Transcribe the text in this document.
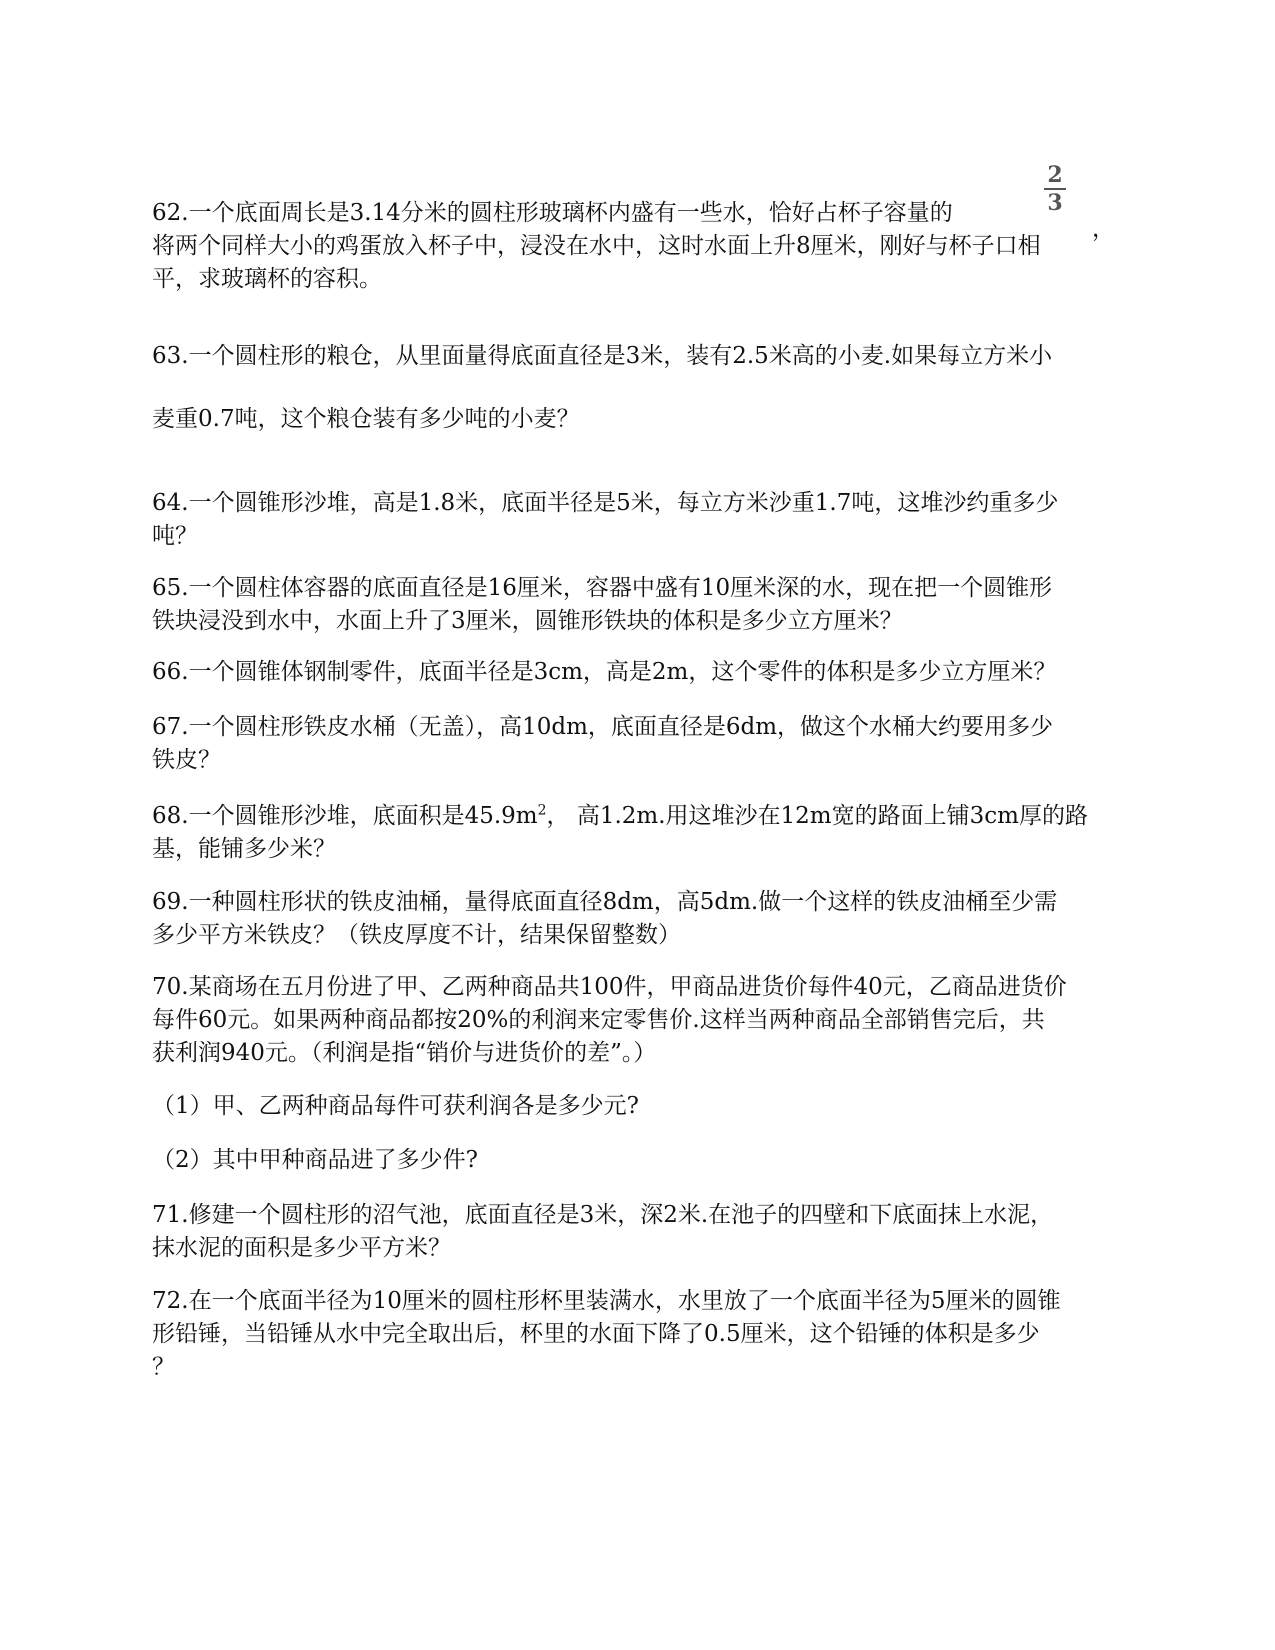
2
3
62.一个底面周长是3.14分米的圆柱形玻璃杯内盛有一些水，恰好占杯子容量的
将两个同样大小的鸡蛋放入杯子中，浸没在水中，这时水面上升8厘米，刚好与杯子口相
平，求玻璃杯的容积。
，
63.一个圆柱形的粮仓，从里面量得底面直径是3米，装有2.5米高的小麦.如果每立方米小
麦重0.7吨，这个粮仓装有多少吨的小麦？
64.一个圆锥形沙堆，高是1.8米，底面半径是5米，每立方米沙重1.7吨，这堆沙约重多少
吨？
65.一个圆柱体容器的底面直径是16厘米，容器中盛有10厘米深的水，现在把一个圆锥形
铁块浸没到水中，水面上升了3厘米，圆锥形铁块的体积是多少立方厘米？
66.一个圆锥体钢制零件，底面半径是3cm，高是2m，这个零件的体积是多少立方厘米？
67.一个圆柱形铁皮水桶（无盖），高10dm，底面直径是6dm，做这个水桶大约要用多少
铁皮？
68.一个圆锥形沙堆，底面积是$45.9m^2$， 高1.2m.用这堆沙在12m宽的路面上铺3cm厚的路
基，能铺多少米？
69.一种圆柱形状的铁皮油桶，量得底面直径8dm，高5dm.做一个这样的铁皮油桶至少需
多少平方米铁皮？（铁皮厚度不计，结果保留整数）
70.某商场在五月份进了甲、乙两种商品共100件，甲商品进货价每件40元，乙商品进货价
每件60元。如果两种商品都按20%的利润来定零售价.这样当两种商品全部销售完后，共
获利润940元。（利润是指“销价与进货价的差”。）
（1）甲、乙两种商品每件可获利润各是多少元?
（2）其中甲种商品进了多少件?
71.修建一个圆柱形的沼气池，底面直径是3米，深2米.在池子的四壁和下底面抹上水泥，
抹水泥的面积是多少平方米？
72.在一个底面半径为10厘米的圆柱形杯里装满水，水里放了一个底面半径为5厘米的圆锥
形铅锤，当铅锤从水中完全取出后，杯里的水面下降了0.5厘米，这个铅锤的体积是多少
？
